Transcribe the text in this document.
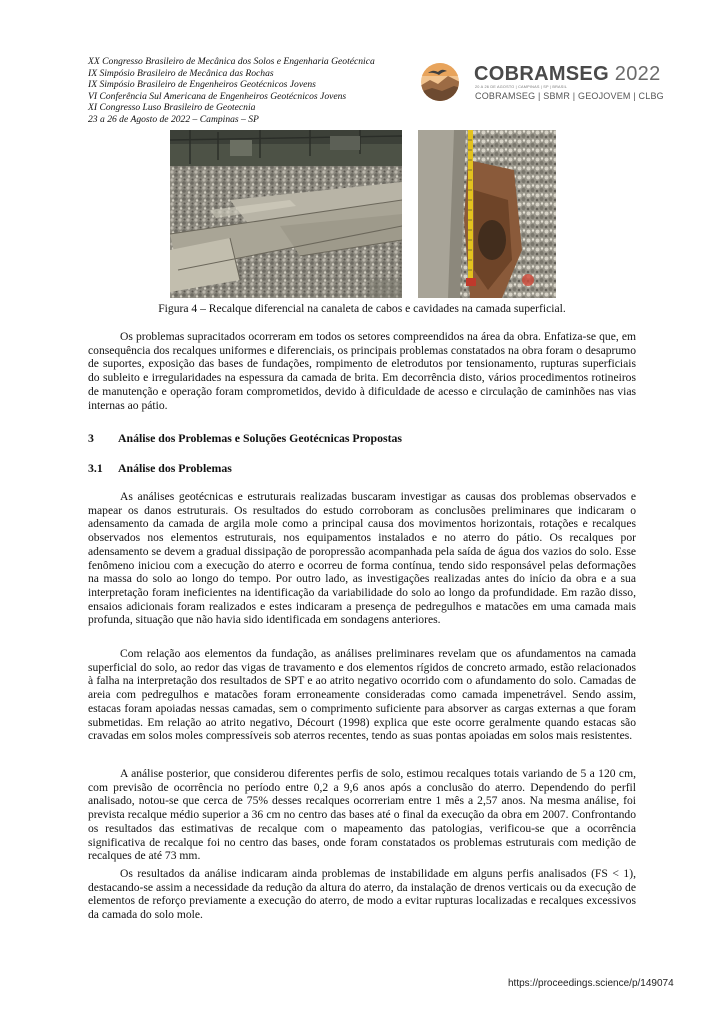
XX Congresso Brasileiro de Mecânica dos Solos e Engenharia Geotécnica
IX Simpósio Brasileiro de Mecânica das Rochas
IX Simpósio Brasileiro de Engenheiros Geotécnicos Jovens
VI Conferência Sul Americana de Engenheiros Geotécnicos Jovens
XI Congresso Luso Brasileiro de Geotecnia
23 a 26 de Agosto de 2022 – Campinas – SP
COBRAMSEG 2022
20 A 26 DE AGOSTO | CAMPINAS | SP | BRASIL
COBRAMSEG | SBMR | GEOJOVEM | CLBG
Figura 4 – Recalque diferencial na canaleta de cabos e cavidades na camada superficial.
Os problemas supracitados ocorreram em todos os setores compreendidos na área da obra. Enfatiza-se que, em consequência dos recalques uniformes e diferenciais, os principais problemas constatados na obra foram o desaprumo de suportes, exposição das bases de fundações, rompimento de eletrodutos por tensionamento, rupturas superficiais do subleito e irregularidades na espessura da camada de brita. Em decorrência disto, vários procedimentos rotineiros de manutenção e operação foram comprometidos, devido à dificuldade de acesso e circulação de caminhões nas vias internas ao pátio.
3 Análise dos Problemas e Soluções Geotécnicas Propostas
3.1 Análise dos Problemas
As análises geotécnicas e estruturais realizadas buscaram investigar as causas dos problemas observados e mapear os danos estruturais. Os resultados do estudo corroboram as conclusões preliminares que indicaram o adensamento da camada de argila mole como a principal causa dos movimentos horizontais, rotações e recalques observados nos elementos estruturais, nos equipamentos instalados e no aterro do pátio. Os recalques por adensamento se devem a gradual dissipação de poropressão acompanhada pela saída de água dos vazios do solo. Esse fenômeno iniciou com a execução do aterro e ocorreu de forma contínua, tendo sido responsável pelas deformações na massa do solo ao longo do tempo. Por outro lado, as investigações realizadas antes do início da obra e a sua interpretação foram ineficientes na identificação da variabilidade do solo ao longo da profundidade. Em razão disso, ensaios adicionais foram realizados e estes indicaram a presença de pedregulhos e matacões em uma camada mais profunda, situação que não havia sido identificada em sondagens anteriores.
Com relação aos elementos da fundação, as análises preliminares revelam que os afundamentos na camada superficial do solo, ao redor das vigas de travamento e dos elementos rígidos de concreto armado, estão relacionados à falha na interpretação dos resultados de SPT e ao atrito negativo ocorrido com o afundamento do solo. Camadas de areia com pedregulhos e matacões foram erroneamente consideradas como camada impenetrável. Sendo assim, estacas foram apoiadas nessas camadas, sem o comprimento suficiente para absorver as cargas externas a que foram submetidas. Em relação ao atrito negativo, Décourt (1998) explica que este ocorre geralmente quando estacas são cravadas em solos moles compressíveis sob aterros recentes, tendo as suas pontas apoiadas em solos mais resistentes.
A análise posterior, que considerou diferentes perfis de solo, estimou recalques totais variando de 5 a 120 cm, com previsão de ocorrência no período entre 0,2 a 9,6 anos após a conclusão do aterro. Dependendo do perfil analisado, notou-se que cerca de 75% desses recalques ocorreriam entre 1 mês a 2,57 anos. Na mesma análise, foi prevista recalque médio superior a 36 cm no centro das bases até o final da execução da obra em 2007. Confrontando os resultados das estimativas de recalque com o mapeamento das patologias, verificou-se que a ocorrência significativa de recalque foi no centro das bases, onde foram constatados os problemas estruturais com medição de recalques de até 73 mm.
Os resultados da análise indicaram ainda problemas de instabilidade em alguns perfis analisados (FS < 1), destacando-se assim a necessidade da redução da altura do aterro, da instalação de drenos verticais ou da execução de elementos de reforço previamente a execução do aterro, de modo a evitar rupturas localizadas e recalques excessivos da camada do solo mole.
https://proceedings.science/p/149074
